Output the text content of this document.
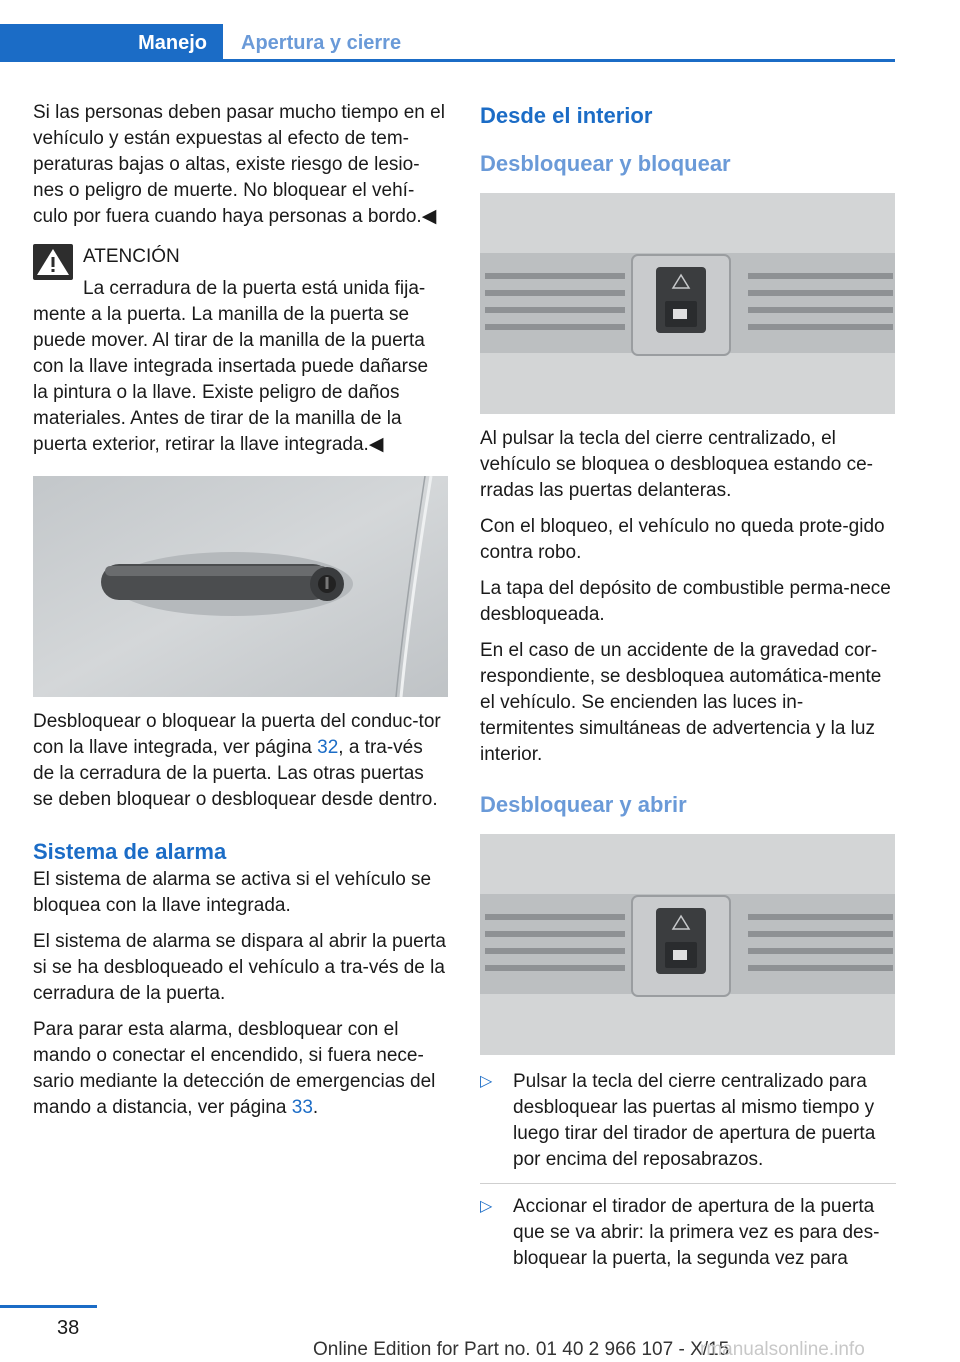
Manejo	Apertura y cierre

Si las personas deben pasar mucho tiempo en el vehículo y están expuestas al efecto de tem‐peraturas bajas o altas, existe riesgo de lesio‐nes o peligro de muerte. No bloquear el vehí‐culo por fuera cuando haya personas a bordo.◀

ATENCIÓN

La cerradura de la puerta está unida fija‐mente a la puerta. La manilla de la puerta se puede mover. Al tirar de la manilla de la puerta con la llave integrada insertada puede dañarse la pintura o la llave. Existe peligro de daños materiales. Antes de tirar de la manilla de la puerta exterior, retirar la llave integrada.◀

Desbloquear o bloquear la puerta del conduc‐tor con la llave integrada, ver página 32, a tra‐vés de la cerradura de la puerta. Las otras puertas se deben bloquear o desbloquear desde dentro.

Sistema de alarma

El sistema de alarma se activa si el vehículo se bloquea con la llave integrada.

El sistema de alarma se dispara al abrir la puerta si se ha desbloqueado el vehículo a tra‐vés de la cerradura de la puerta.

Para parar esta alarma, desbloquear con el mando o conectar el encendido, si fuera nece‐sario mediante la detección de emergencias del mando a distancia, ver página 33.

Desde el interior
Desbloquear y bloquear

Al pulsar la tecla del cierre centralizado, el vehículo se bloquea o desbloquea estando ce‐rradas las puertas delanteras.

Con el bloqueo, el vehículo no queda prote‐gido contra robo.

La tapa del depósito de combustible perma‐nece desbloqueada.

En el caso de un accidente de la gravedad cor‐respondiente, se desbloquea automática‐mente el vehículo. Se encienden las luces in‐termitentes simultáneas de advertencia y la luz interior.

Desbloquear y abrir
▷ Pulsar la tecla del cierre centralizado para desbloquear las puertas al mismo tiempo y luego tirar del tirador de apertura de puerta por encima del reposabrazos.
▷ Accionar el tirador de apertura de la puerta que se va abrir: la primera vez es para des‐bloquear la puerta, la segunda vez para
38
Online Edition for Part no. 01 40 2 966 107 - X/15
rmanualsonline.info
